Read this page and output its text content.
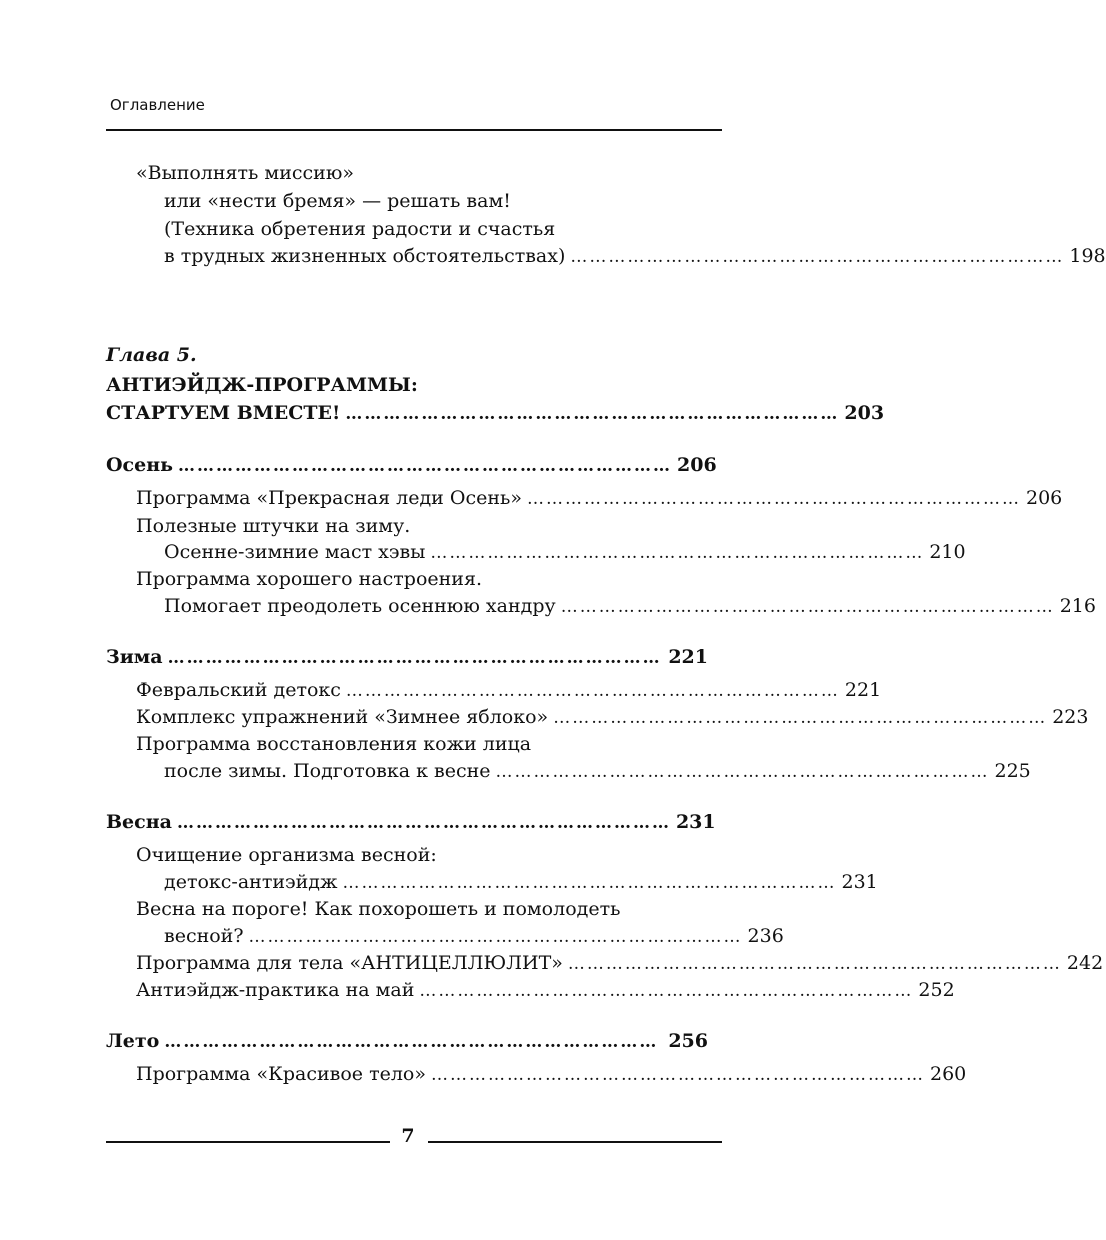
Оглавление
«Выполнять миссию»
или «нести бремя» — решать вам!
(Техника обретения радости и счастья
в трудных жизненных обстоятельствах) …………………………………………………………………… 198
Глава 5.
АНТИЭЙДЖ-ПРОГРАММЫ:
СТАРТУЕМ ВМЕСТЕ! …………………………………………………………………… 203
Осень …………………………………………………………………… 206
Программа «Прекрасная леди Осень» …………………………………………………………………… 206
Полезные штучки на зиму.
Осенне-зимние маст хэвы …………………………………………………………………… 210
Программа хорошего настроения.
Помогает преодолеть осеннюю хандру …………………………………………………………………… 216
Зима …………………………………………………………………… 221
Февральский детокс …………………………………………………………………… 221
Комплекс упражнений «Зимнее яблоко» …………………………………………………………………… 223
Программа восстановления кожи лица
после зимы. Подготовка к весне …………………………………………………………………… 225
Весна …………………………………………………………………… 231
Очищение организма весной:
детокс-антиэйдж …………………………………………………………………… 231
Весна на пороге! Как похорошеть и помолодеть
весной? …………………………………………………………………… 236
Программа для тела «АНТИЦЕЛЛЮЛИТ» …………………………………………………………………… 242
Антиэйдж-практика на май …………………………………………………………………… 252
Лето …………………………………………………………………… 256
Программа «Красивое тело» …………………………………………………………………… 260
7
